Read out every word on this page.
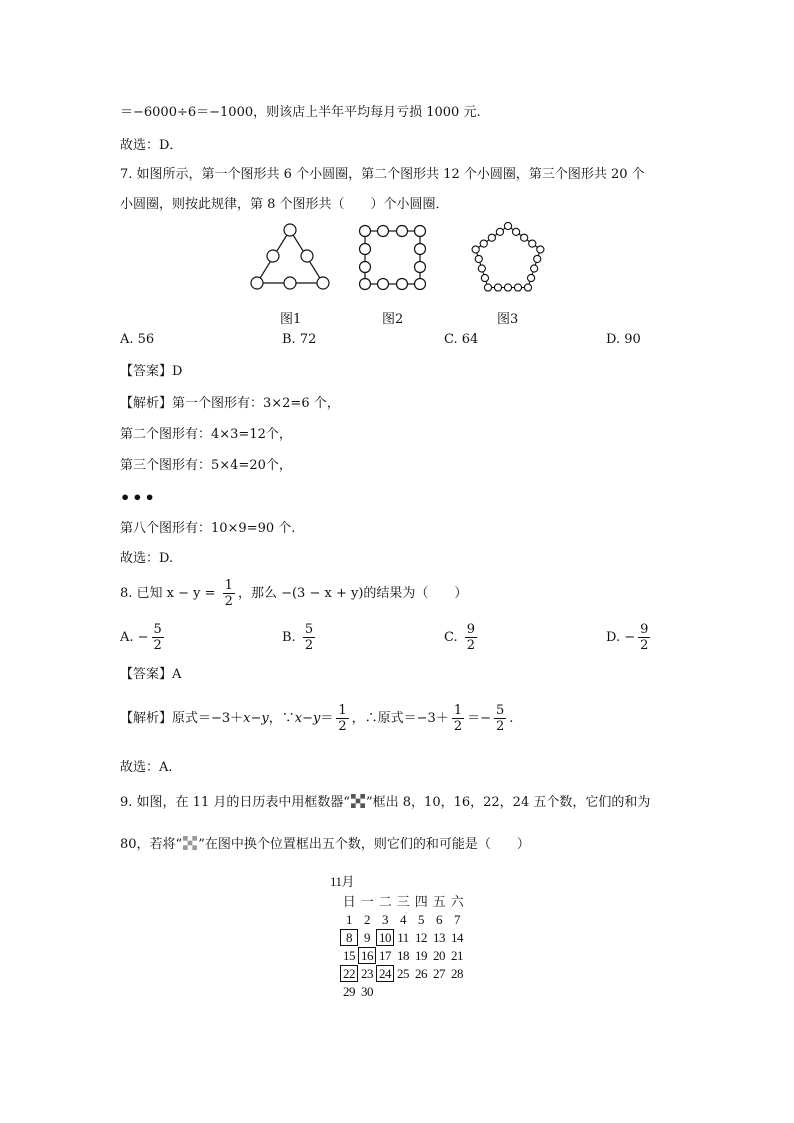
＝−6000÷6＝−1000，则该店上半年平均每月亏损 1000 元.
故选：D．
7. 如图所示，第一个图形共 6 个小圆圈，第二个图形共 12 个小圆圈，第三个图形共 20 个
小圆圈，则按此规律，第 8 个图形共（　　）个小圆圈．
图1	图2	图3
A. 56	B. 72	C. 64	D. 90
【答案】D
【解析】第一个图形有：3×2=6 个，
第二个图形有：4×3=12个，
第三个图形有：5×4=20个，
•••
第八个图形有：10×9=90 个.
故选：D.
8. 已知 $x - y = \frac{1}{2}$ ，那么 −(3 − x + y)的结果为（　　）
A. − $\frac{5}{2}$	B. $\frac{5}{2}$	C. $\frac{9}{2}$	D. − $\frac{9}{2}$
【答案】A
【解析】原式＝−3＋x−y，∵x−y＝ $\frac{1}{2}$ ，∴原式$=-3+ \frac{1}{2} =- \frac{5}{2}$ .
故选：A.
9. 如图，在 11 月的日历表中用框数器“ ”框出 8，10，16，22，24 五个数，它们的和为
80，若将“ ”在图中换个位置框出五个数，则它们的和可能是（　　）
11月
日 一 二 三 四 五 六
1 2 3 4 5 6 7
8 9 10 11 12 13 14
15 16 17 18 19 20 21
22 23 24 25 26 27 28
29 30
